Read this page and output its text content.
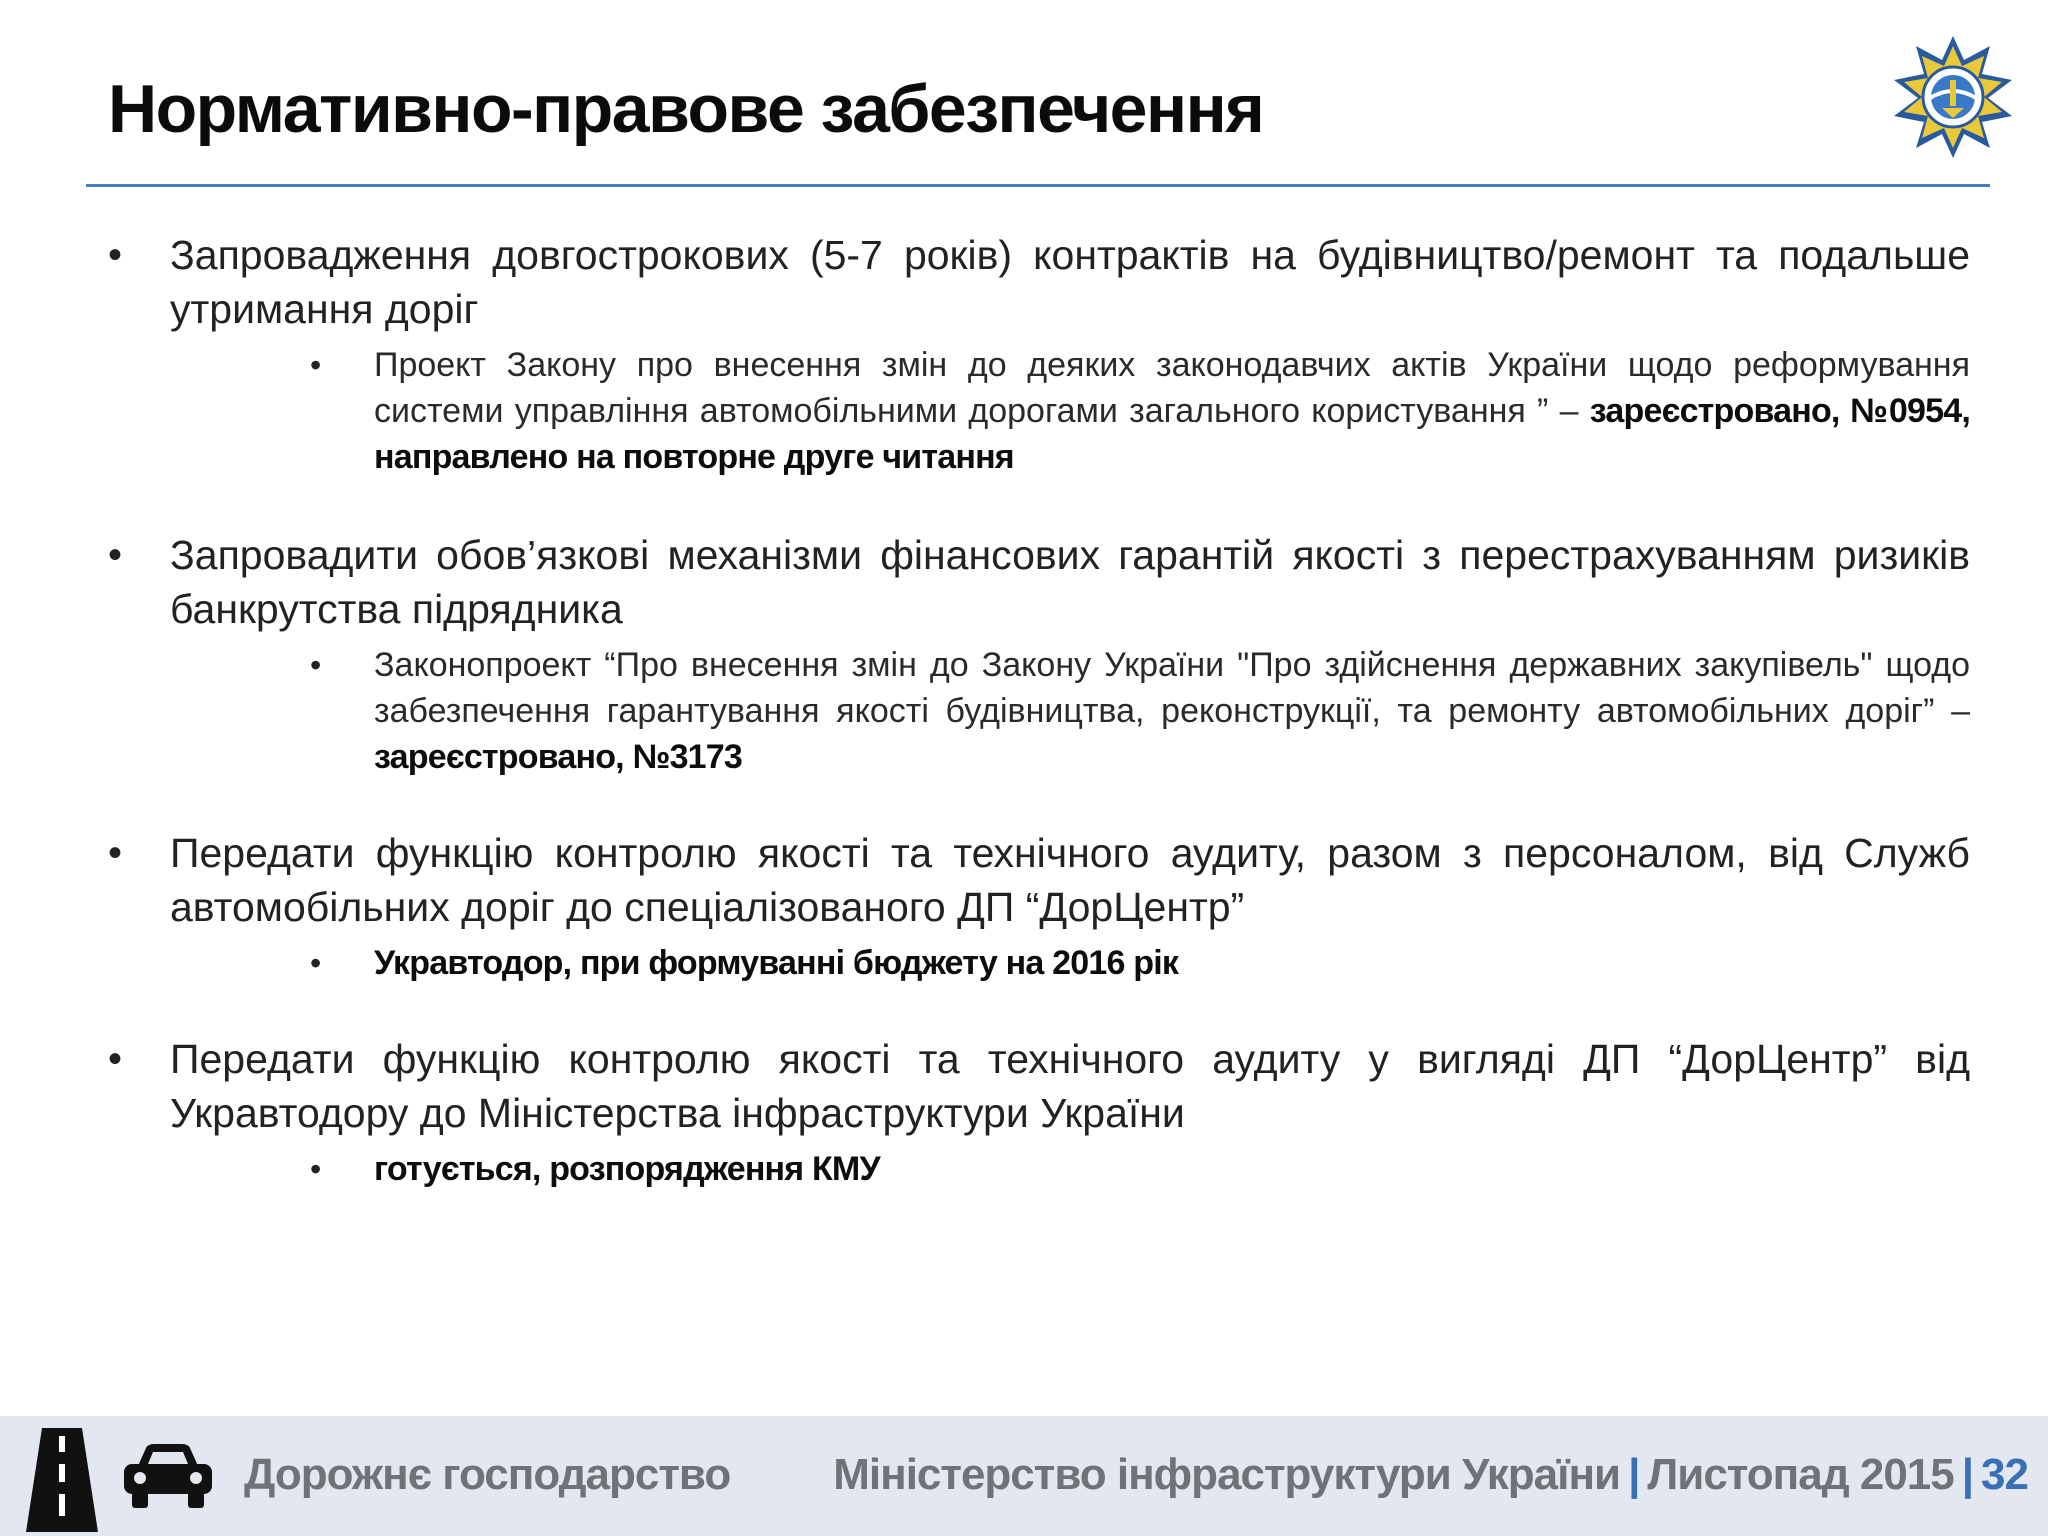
Нормативно-правове забезпечення
• Запровадження довгострокових (5-7 років) контрактів на будівництво/ремонт та подальше утримання доріг

• Проект Закону про внесення змін до деяких законодавчих актів України щодо реформування системи управління автомобільними дорогами загального користування ” – зареєстровано, №0954, направлено на повторне друге читання

• Запровадити обов’язкові механізми фінансових гарантій якості з перестрахуванням ризиків банкрутства підрядника

• Законопроект “Про внесення змін до Закону України "Про здійснення державних закупівель" щодо забезпечення гарантування якості будівництва, реконструкції, та ремонту автомобільних доріг” – зареєстровано, №3173

• Передати функцію контролю якості та технічного аудиту, разом з персоналом, від Служб автомобільних доріг до спеціалізованого ДП “ДорЦентр”

• Укравтодор, при формуванні бюджету на 2016 рік

• Передати функцію контролю якості та технічного аудиту у вигляді ДП “ДорЦентр” від Укравтодору до Міністерства інфраструктури України

• готується, розпорядження КМУ

Дорожнє господарство Міністерство інфраструктури України | Листопад 2015 | 32
